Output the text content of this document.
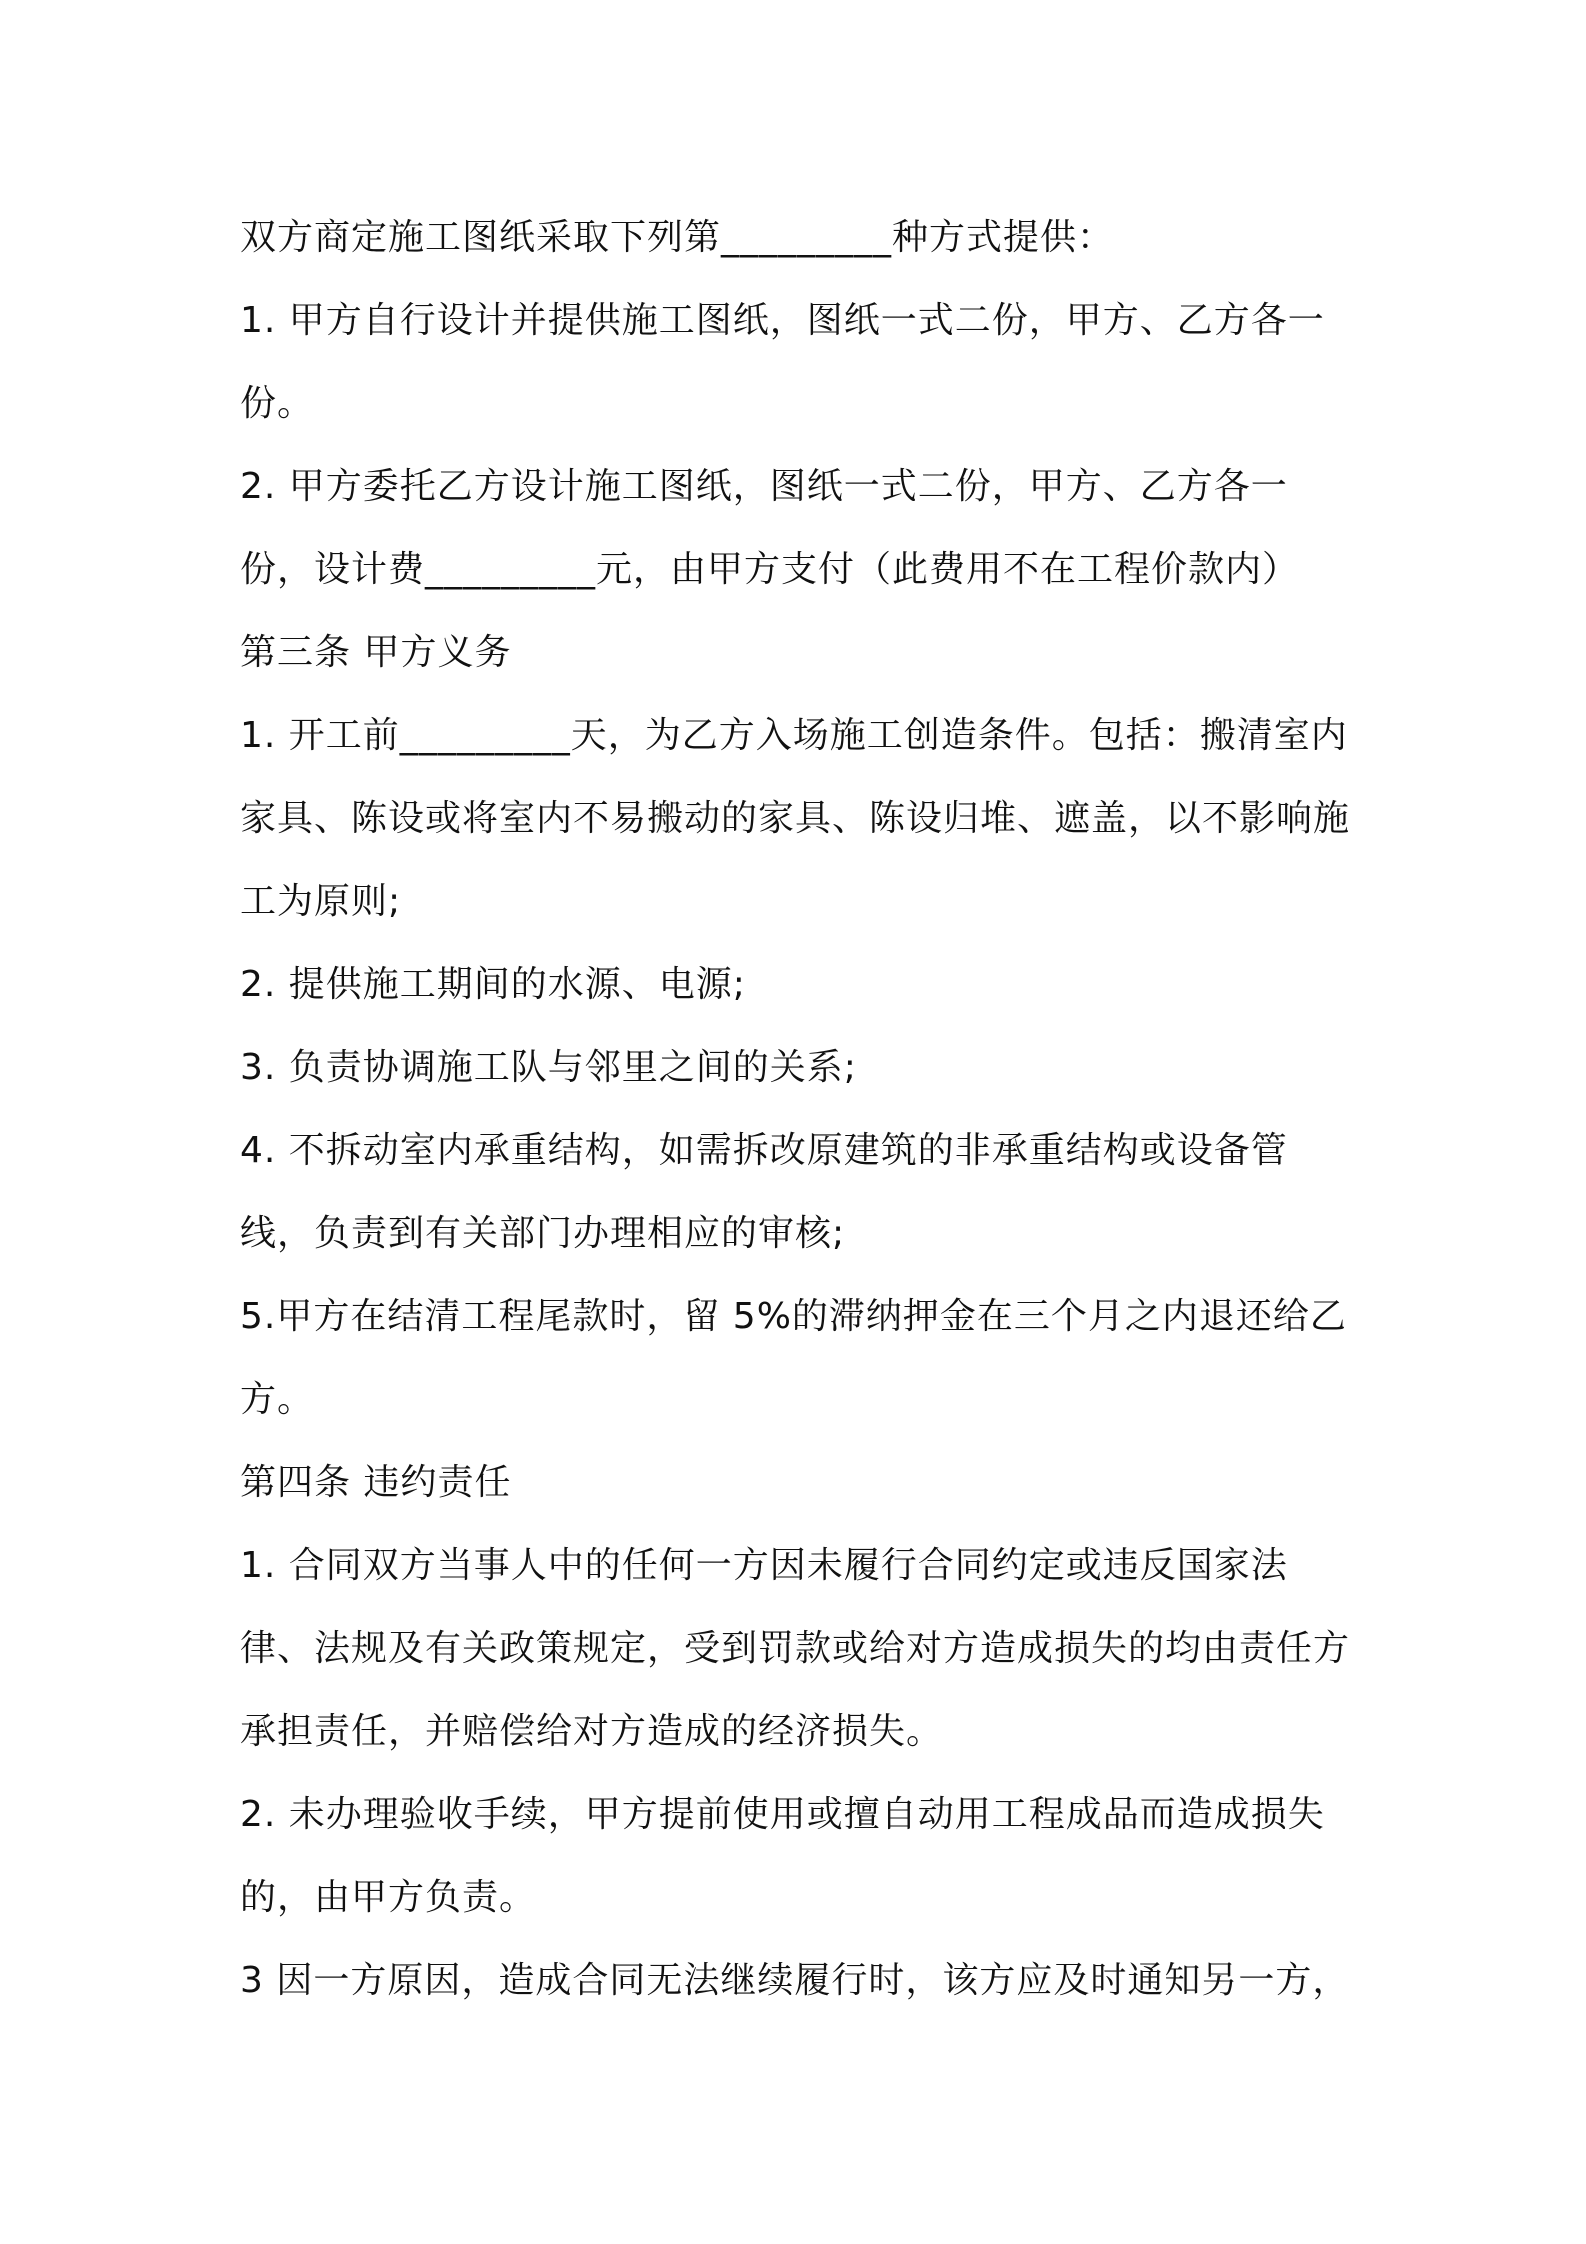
双方商定施工图纸采取下列第_________种方式提供：

1. 甲方自行设计并提供施工图纸，图纸一式二份，甲方、乙方各一份。

2. 甲方委托乙方设计施工图纸，图纸一式二份，甲方、乙方各一份，设计费_________元，由甲方支付（此费用不在工程价款内）

第三条 甲方义务

1. 开工前_________天，为乙方入场施工创造条件。包括：搬清室内家具、陈设或将室内不易搬动的家具、陈设归堆、遮盖，以不影响施工为原则;

2. 提供施工期间的水源、电源;

3. 负责协调施工队与邻里之间的关系;

4. 不拆动室内承重结构，如需拆改原建筑的非承重结构或设备管线，负责到有关部门办理相应的审核;

5.甲方在结清工程尾款时，留 5%的滞纳押金在三个月之内退还给乙方。

第四条 违约责任

1. 合同双方当事人中的任何一方因未履行合同约定或违反国家法律、法规及有关政策规定，受到罚款或给对方造成损失的均由责任方承担责任，并赔偿给对方造成的经济损失。

2. 未办理验收手续，甲方提前使用或擅自动用工程成品而造成损失的，由甲方负责。

3 因一方原因，造成合同无法继续履行时，该方应及时通知另一方，
